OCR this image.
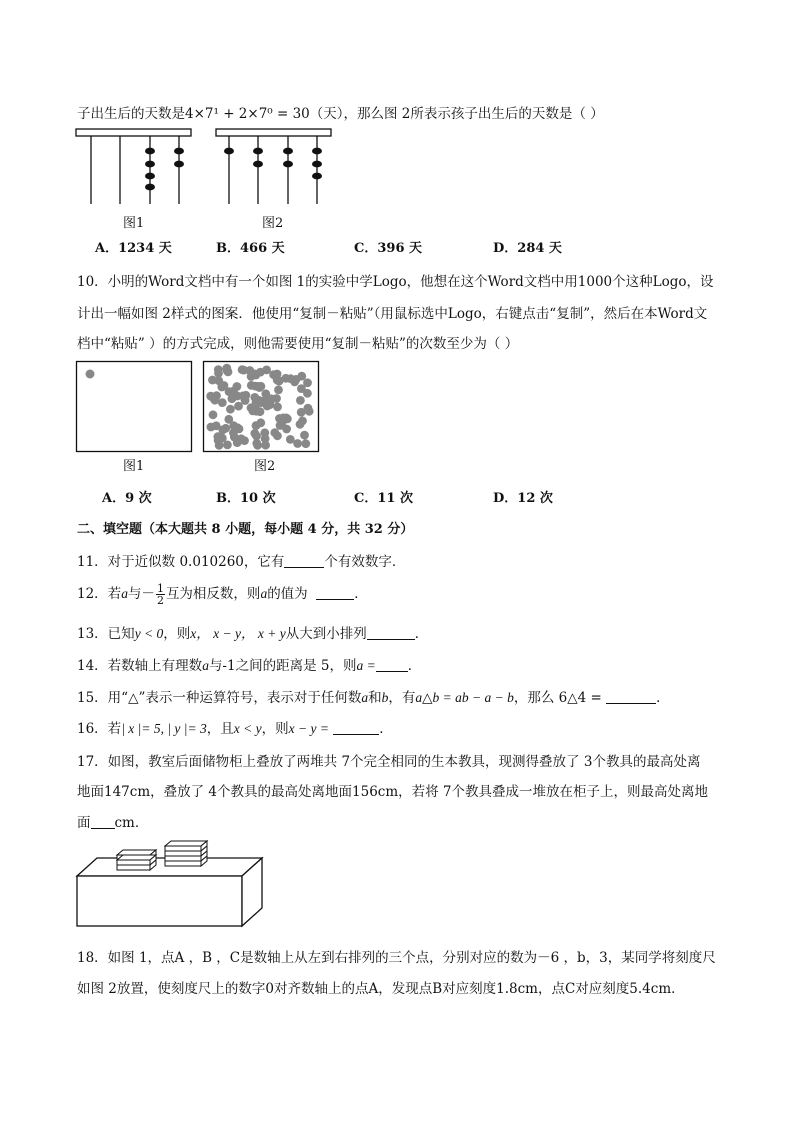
子出生后的天数是4×7¹ + 2×7⁰ = 30（天），那么图 2所表示孩子出生后的天数是（ ）
图1	图2
A．1234 天	B．466 天	C．396 天	D．284 天
10．小明的Word文档中有一个如图 1的实验中学Logo，他想在这个Word文档中用1000个这种Logo，设
计出一幅如图 2样式的图案．他使用“复制－粘贴”（用鼠标选中Logo，右键点击“复制”，然后在本Word文
档中“粘贴” ）的方式完成，则他需要使用“复制－粘贴”的次数至少为（ ）
图1	图2
A．9 次	B．10 次	C．11 次	D．12 次
二、填空题（本大题共 8 小题，每小题 4 分，共 32 分）
11．对于近似数 0.010260，它有	个有效数字．
12．若a与－ $\frac{1}{2}$ 互为相反数，则a的值为	．
13．已知y < 0，则x， x − y， x + y从大到小排列	．
14．若数轴上有理数a与-1之间的距离是 5，则a = ．
15．用“△”表示一种运算符号，表示对于任何数a和b，有a△b = ab − a − b，那么 6△4 =	．
16．若| x |= 5, | y |= 3，且x < y，则x − y =	．
17．如图，教室后面储物柜上叠放了两堆共 7个完全相同的生本教具，现测得叠放了 3个教具的最高处离
地面147cm，叠放了 4个教具的最高处离地面156cm，若将 7个教具叠成一堆放在柜子上，则最高处离地
面 cm．
18．如图 1，点A ，B ，C是数轴上从左到右排列的三个点，分别对应的数为－6 ，b，3，某同学将刻度尺
如图 2放置，使刻度尺上的数字0对齐数轴上的点A，发现点B对应刻度1.8cm，点C对应刻度5.4cm．
